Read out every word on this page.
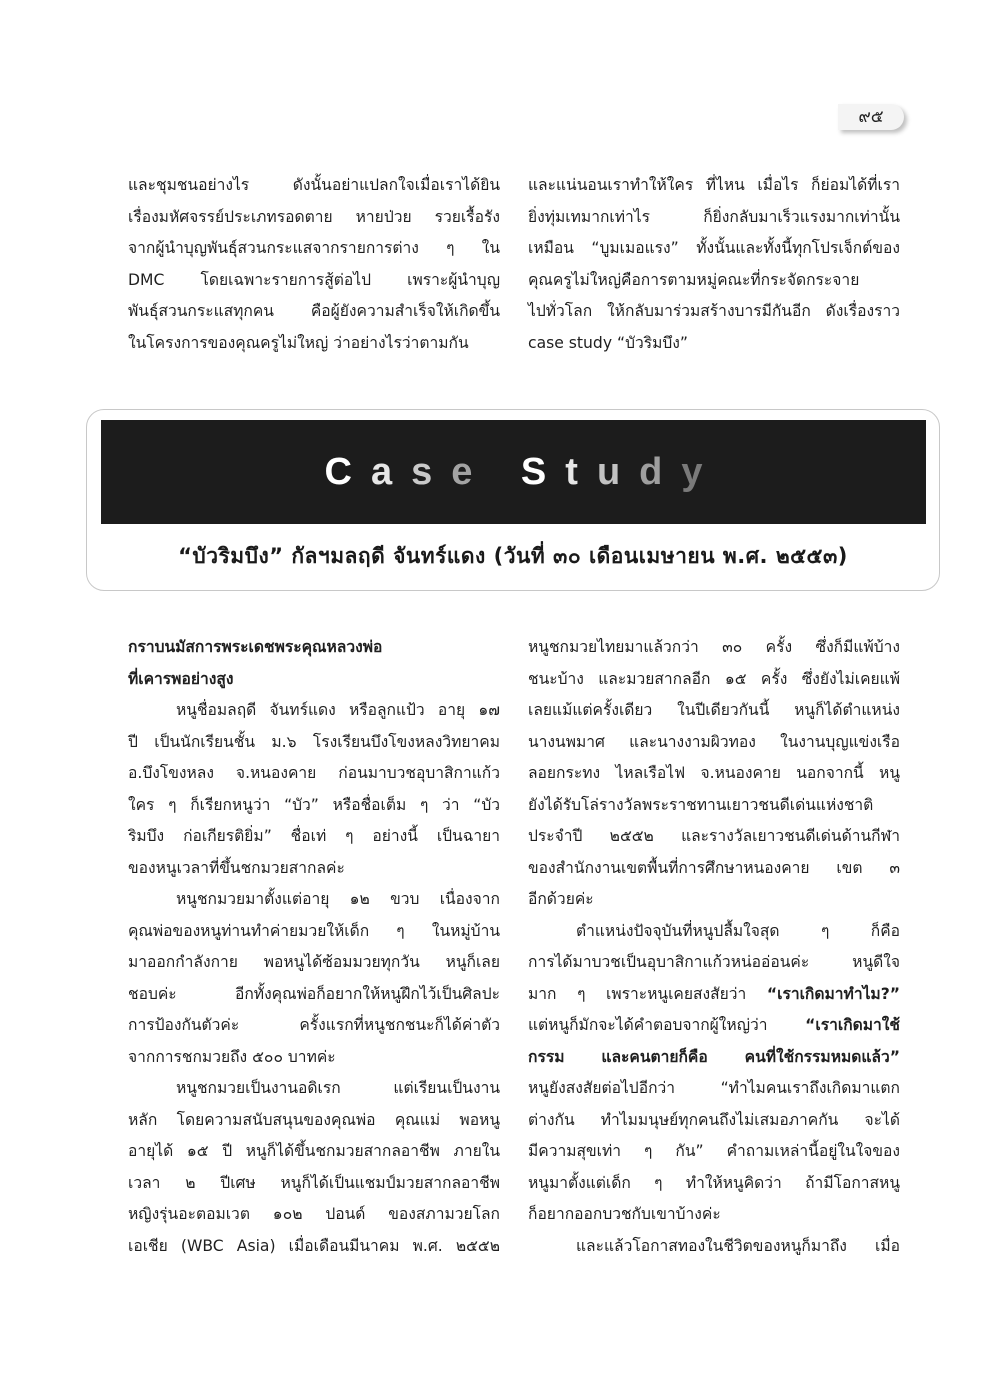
๙๕
และชุมชนอย่างไร ดังนั้นอย่าแปลกใจเมื่อเราได้ยิน
เรื่องมหัศจรรย์ประเภทรอดตาย หายป่วย รวยเรื้อรัง
จากผู้นำบุญพันธุ์สวนกระแสจากรายการต่าง ๆ ใน
DMC โดยเฉพาะรายการสู้ต่อไป เพราะผู้นำบุญ
พันธุ์สวนกระแสทุกคน คือผู้ยังความสำเร็จให้เกิดขึ้น
ในโครงการของคุณครูไม่ใหญ่ ว่าอย่างไรว่าตามกัน
และแน่นอนเราทำให้ใคร ที่ไหน เมื่อไร ก็ย่อมได้ที่เรา
ยิ่งทุ่มเทมากเท่าไร ก็ยิ่งกลับมาเร็วแรงมากเท่านั้น
เหมือน “บูมเมอแรง” ทั้งนั้นและทั้งนี้ทุกโปรเจ็กต์ของ
คุณครูไม่ใหญ่คือการตามหมู่คณะที่กระจัดกระจาย
ไปทั่วโลก ให้กลับมาร่วมสร้างบารมีกันอีก ดังเรื่องราว
case study “บัวริมบึง”
Case Study
“บัวริมบึง” กัลฯมลฤดี จันทร์แดง (วันที่ ๓๐ เดือนเมษายน พ.ศ. ๒๕๕๓)
กราบนมัสการพระเดชพระคุณหลวงพ่อ
ที่เคารพอย่างสูง
หนูชื่อมลฤดี จันทร์แดง หรือลูกแป้ว อายุ ๑๗
ปี เป็นนักเรียนชั้น ม.๖ โรงเรียนบึงโขงหลงวิทยาคม
อ.บึงโขงหลง จ.หนองคาย ก่อนมาบวชอุบาสิกาแก้ว
ใคร ๆ ก็เรียกหนูว่า “บัว” หรือชื่อเต็ม ๆ ว่า “บัว
ริมบึง ก่อเกียรติยิ่ม” ชื่อเท่ ๆ อย่างนี้ เป็นฉายา
ของหนูเวลาที่ขึ้นชกมวยสากลค่ะ
หนูชกมวยมาตั้งแต่อายุ ๑๒ ขวบ เนื่องจาก
คุณพ่อของหนูท่านทำค่ายมวยให้เด็ก ๆ ในหมู่บ้าน
มาออกกำลังกาย พอหนูได้ซ้อมมวยทุกวัน หนูก็เลย
ชอบค่ะ อีกทั้งคุณพ่อก็อยากให้หนูฝึกไว้เป็นศิลปะ
การป้องกันตัวค่ะ ครั้งแรกที่หนูชกชนะก็ได้ค่าตัว
จากการชกมวยถึง ๕๐๐ บาทค่ะ
หนูชกมวยเป็นงานอดิเรก แต่เรียนเป็นงาน
หลัก โดยความสนับสนุนของคุณพ่อ คุณแม่ พอหนู
อายุได้ ๑๕ ปี หนูก็ได้ขึ้นชกมวยสากลอาชีพ ภายใน
เวลา ๒ ปีเศษ หนูก็ได้เป็นแชมป์มวยสากลอาชีพ
หญิงรุ่นอะตอมเวต ๑๐๒ ปอนด์ ของสภามวยโลก
เอเชีย (WBC Asia) เมื่อเดือนมีนาคม พ.ศ. ๒๕๕๒
หนูชกมวยไทยมาแล้วกว่า ๓๐ ครั้ง ซึ่งก็มีแพ้บ้าง
ชนะบ้าง และมวยสากลอีก ๑๕ ครั้ง ซึ่งยังไม่เคยแพ้
เลยแม้แต่ครั้งเดียว ในปีเดียวกันนี้ หนูก็ได้ตำแหน่ง
นางนพมาศ และนางงามผิวทอง ในงานบุญแข่งเรือ
ลอยกระทง ไหลเรือไฟ จ.หนองคาย นอกจากนี้ หนู
ยังได้รับโล่รางวัลพระราชทานเยาวชนดีเด่นแห่งชาติ
ประจำปี ๒๕๕๒ และรางวัลเยาวชนดีเด่นด้านกีฬา
ของสำนักงานเขตพื้นที่การศึกษาหนองคาย เขต ๓
อีกด้วยค่ะ
ตำแหน่งปัจจุบันที่หนูปลื้มใจสุด ๆ ก็คือ
การได้มาบวชเป็นอุบาสิกาแก้วหน่ออ่อนค่ะ หนูดีใจ
มาก ๆ เพราะหนูเคยสงสัยว่า “เราเกิดมาทำไม?”
แต่หนูก็มักจะได้คำตอบจากผู้ใหญ่ว่า “เราเกิดมาใช้
กรรม และคนตายก็คือ คนที่ใช้กรรมหมดแล้ว”
หนูยังสงสัยต่อไปอีกว่า “ทำไมคนเราถึงเกิดมาแตก
ต่างกัน ทำไมมนุษย์ทุกคนถึงไม่เสมอภาคกัน จะได้
มีความสุขเท่า ๆ กัน” คำถามเหล่านี้อยู่ในใจของ
หนูมาตั้งแต่เด็ก ๆ ทำให้หนูคิดว่า ถ้ามีโอกาสหนู
ก็อยากออกบวชกับเขาบ้างค่ะ
และแล้วโอกาสทองในชีวิตของหนูก็มาถึง เมื่อ
